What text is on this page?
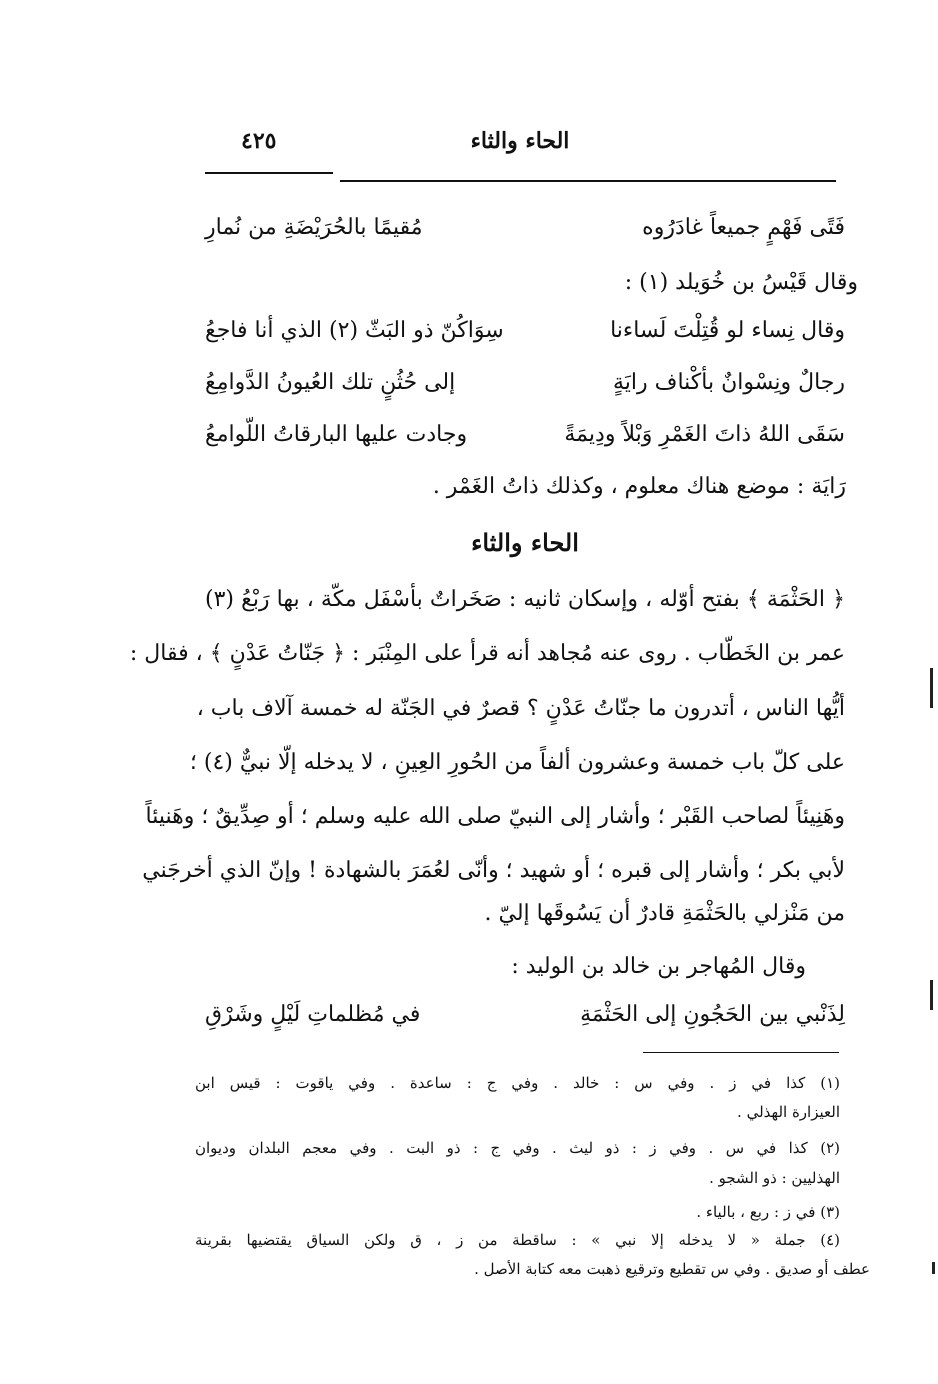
الحاء والثاء
٤٢٥
فَتًى فَهْمٍ جميعاً غادَرُوه
مُقيمًا بالحُرَيْضَةِ من نُمارِ
وقال قَيْسُ بن خُوَيلد (١) :
وقال نِساء لو قُتِلْتَ لَساءنا
سِوَاكُنّ ذو البَثّ (٢) الذي أنا فاجعُ
رجالٌ ونِسْوانٌ بأكْناف رايَةٍ
إلى حُثُنٍ تلك العُيونُ الدَّوامِعُ
سَقَى اللهُ ذاتَ الغَمْرِ وَبْلاً ودِيمَةً
وجادت عليها البارقاتُ اللّوامعُ
رَايَة : موضع هناك معلوم ، وكذلك ذاتُ الغَمْر .
الحاء والثاء
﴿ الحَثْمَة ﴾ بفتح أوّله ، وإسكان ثانيه : صَخَراتٌ بأسْفَل مكّة ، بها رَبْعُ (٣)
عمر بن الخَطّاب . روى عنه مُجاهد أنه قرأ على المِنْبَر : ﴿ جَنّاتُ عَدْنٍ ﴾ ، فقال :
أيُّها الناس ، أتدرون ما جنّاتُ عَدْنٍ ؟ قصرٌ في الجَنّة له خمسة آلاف باب ،
على كلّ باب خمسة وعشرون ألفاً من الحُورِ العِينِ ، لا يدخله إلّا نبيٌّ (٤) ؛
وهَنِيئاً لصاحب القَبْر ؛ وأشار إلى النبيّ صلى الله عليه وسلم ؛ أو صِدِّيقٌ ؛ وهَنيئاً
لأبي بكر ؛ وأشار إلى قبره ؛ أو شهيد ؛ وأنّى لعُمَرَ بالشهادة ! وإنّ الذي أخرجَني
من مَنْزلي بالحَثْمَةِ قادرٌ أن يَسُوقَها إليّ .
وقال المُهاجر بن خالد بن الوليد :
لِذَنْبي بين الحَجُونِ إلى الحَثْمَةِ
في مُظلماتِ لَيْلٍ وشَرْقِ
(١) كذا في ز . وفي س : خالد . وفي ج : ساعدة . وفي ياقوت : قيس ابن
العيزارة الهذلي .
(٢) كذا في س . وفي ز : ذو ليث . وفي ج : ذو البت . وفي معجم البلدان وديوان
الهذليين : ذو الشجو .
(٣) في ز : ربع ، بالياء .
(٤) جملة « لا يدخله إلا نبي » : ساقطة من ز ، ق ولكن السياق يقتضيها بقرينة
عطف أو صديق . وفي س تقطيع وترقيع ذهبت معه كتابة الأصل .
